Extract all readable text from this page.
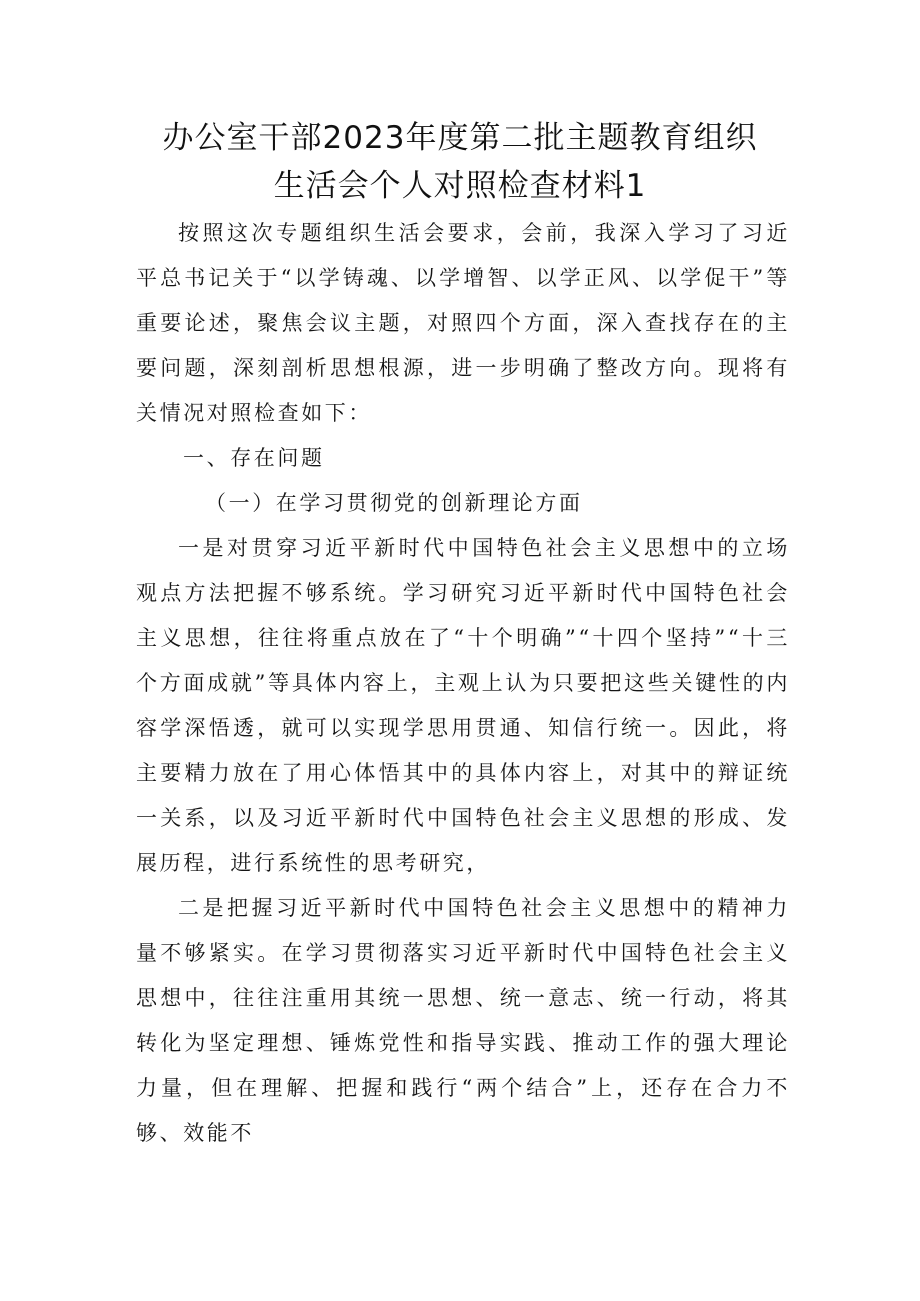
办公室干部2023年度第二批主题教育组织
生活会个人对照检查材料1

按照这次专题组织生活会要求，会前，我深入学习了习近平总书记关于“以学铸魂、以学增智、以学正风、以学促干”等重要论述，聚焦会议主题，对照四个方面，深入查找存在的主要问题，深刻剖析思想根源，进一步明确了整改方向。现将有关情况对照检查如下：

一、存在问题

（一）在学习贯彻党的创新理论方面

一是对贯穿习近平新时代中国特色社会主义思想中的立场观点方法把握不够系统。学习研究习近平新时代中国特色社会主义思想，往往将重点放在了“十个明确”“十四个坚持”“十三个方面成就”等具体内容上，主观上认为只要把这些关键性的内容学深悟透，就可以实现学思用贯通、知信行统一。因此，将主要精力放在了用心体悟其中的具体内容上，对其中的辩证统一关系，以及习近平新时代中国特色社会主义思想的形成、发展历程，进行系统性的思考研究，

二是把握习近平新时代中国特色社会主义思想中的精神力量不够紧实。在学习贯彻落实习近平新时代中国特色社会主义思想中，往往注重用其统一思想、统一意志、统一行动，将其转化为坚定理想、锤炼党性和指导实践、推动工作的强大理论力量，但在理解、把握和践行“两个结合”上，还存在合力不够、效能不
